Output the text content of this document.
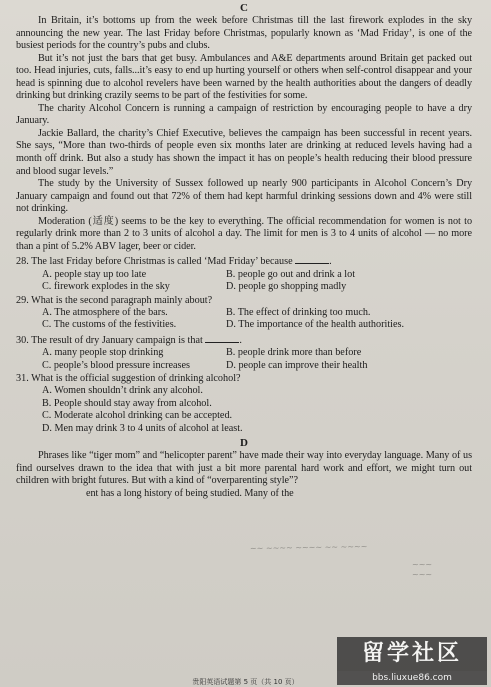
C

In Britain, it’s bottoms up from the week before Christmas till the last firework explodes in the sky announcing the new year. The last Friday before Christmas, popularly known as ‘Mad Friday’, is one of the busiest periods for the country’s pubs and clubs.

But it’s not just the bars that get busy. Ambulances and A&E departments around Britain get packed out too. Head injuries, cuts, falls...it’s easy to end up hurting yourself or others when self-control disappear and your head is spinning due to alcohol revelers have been warned by the health authorities about the dangers of deadly drinking but drinking crazily seems to be part of the festivities for some.

The charity Alcohol Concern is running a campaign of restriction by encouraging people to have a dry January.

Jackie Ballard, the charity’s Chief Executive, believes the campaign has been successful in recent years. She says, “More than two-thirds of people even six months later are drinking at reduced levels having had a month off drink. But also a study has shown the impact it has on people’s health reducing their blood pressure and blood sugar levels.”

The study by the University of Sussex followed up nearly 900 participants in Alcohol Concern’s Dry January campaign and found out that 72% of them had kept harmful drinking sessions down and 4% were still not drinking.

Moderation (适度) seems to be the key to everything. The official recommendation for women is not to regularly drink more than 2 to 3 units of alcohol a day. The limit for men is 3 to 4 units of alcohol — no more than a pint of 5.2% ABV lager, beer or cider.

28. The last Friday before Christmas is called ‘Mad Friday’ because	.

A. people stay up too late	B. people go out and drink a lot
C. firework explodes in the sky	D. people go shopping madly

29. What is the second paragraph mainly about?

A. The atmosphere of the bars.	B. The effect of drinking too much.
C. The customs of the festivities.	D. The importance of the health authorities.

30. The result of dry January campaign is that	.

A. many people stop drinking	B. people drink more than before
C. people’s blood pressure increases	D. people can improve their health

31. What is the official suggestion of drinking alcohol?

A. Women shouldn’t drink any alcohol.

B. People should stay away from alcohol.

C. Moderate alcohol drinking can be accepted.

D. Men may drink 3 to 4 units of alcohol at least.

D

Phrases like “tiger mom” and “helicopter parent” have made their way into everyday language. Many of us find ourselves drawn to the idea that with just a bit more parental hard work and effort, we might turn out children with bright futures. But with a kind of “overparenting style”?

ent has a long history of being studied. Many of the

~~ ~~~~ ~~~~ ~~ ~~~~
~~~
~~~
贵阳英语试题第 5 页（共 10 页）
留学社区
bbs.liuxue86.com
